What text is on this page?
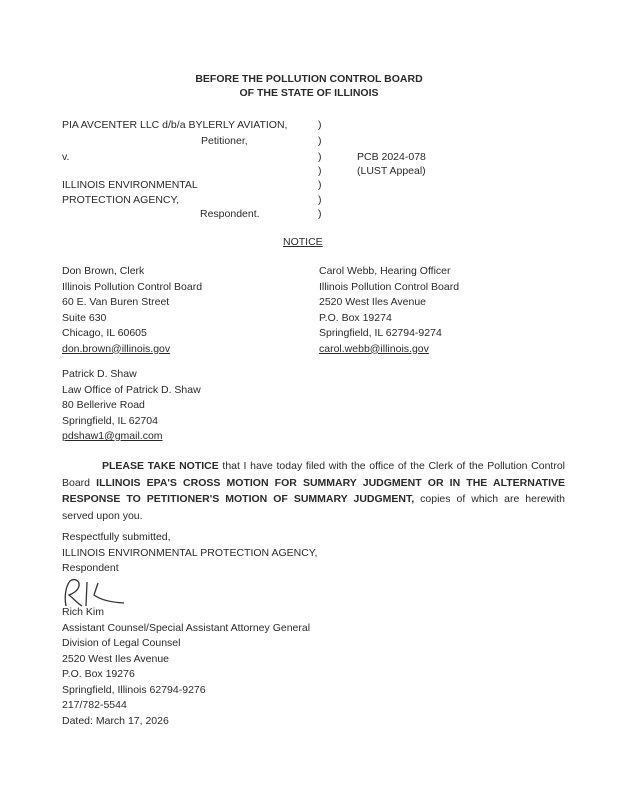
BEFORE THE POLLUTION CONTROL BOARD
OF THE STATE OF ILLINOIS
PIA AVCENTER LLC d/b/a BYLERLY AVIATION,
Petitioner,
v.
ILLINOIS ENVIRONMENTAL
PROTECTION AGENCY,
Respondent.
)
)
)
)
)
)
)
PCB 2024-078
(LUST Appeal)
NOTICE
Don Brown, Clerk
Illinois Pollution Control Board
60 E. Van Buren Street
Suite 630
Chicago, IL 60605
don.brown@illinois.gov
Carol Webb, Hearing Officer
Illinois Pollution Control Board
2520 West Iles Avenue
P.O. Box 19274
Springfield, IL 62794-9274
carol.webb@illinois.gov
Patrick D. Shaw
Law Office of Patrick D. Shaw
80 Bellerive Road
Springfield, IL 62704
pdshaw1@gmail.com
PLEASE TAKE NOTICE that I have today filed with the office of the Clerk of the Pollution Control Board ILLINOIS EPA'S CROSS MOTION FOR SUMMARY JUDGMENT OR IN THE ALTERNATIVE RESPONSE TO PETITIONER'S MOTION OF SUMMARY JUDGMENT, copies of which are herewith served upon you.
Respectfully submitted,
ILLINOIS ENVIRONMENTAL PROTECTION AGENCY,
Respondent
Rich Kim
Assistant Counsel/Special Assistant Attorney General
Division of Legal Counsel
2520 West Iles Avenue
P.O. Box 19276
Springfield, Illinois 62794-9276
217/782-5544
Dated: March 17, 2026
